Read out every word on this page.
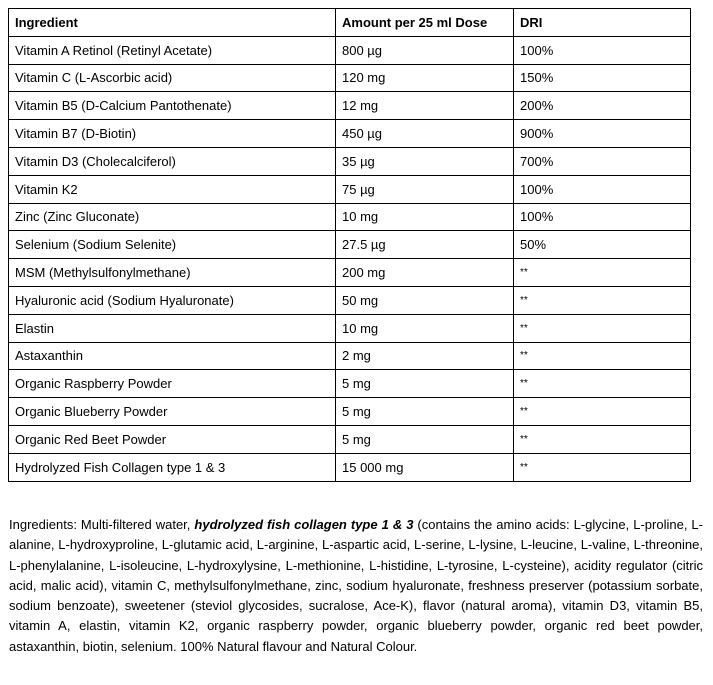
Ingredient	Amount per 25 ml Dose	DRI
Vitamin A Retinol (Retinyl Acetate)	800 µg	100%
Vitamin C (L-Ascorbic acid)	120 mg	150%
Vitamin B5 (D-Calcium Pantothenate)	12 mg	200%
Vitamin B7 (D-Biotin)	450 µg	900%
Vitamin D3 (Cholecalciferol)	35 µg	700%
Vitamin K2	75 µg	100%
Zinc (Zinc Gluconate)	10 mg	100%
Selenium (Sodium Selenite)	27.5 µg	50%
MSM (Methylsulfonylmethane)	200 mg	**
Hyaluronic acid (Sodium Hyaluronate)	50 mg	**
Elastin	10 mg	**
Astaxanthin	2 mg	**
Organic Raspberry Powder	5 mg	**
Organic Blueberry Powder	5 mg	**
Organic Red Beet Powder	5 mg	**
Hydrolyzed Fish Collagen type 1 & 3	15 000 mg	**

Ingredients: Multi-filtered water, hydrolyzed fish collagen type 1 & 3 (contains the amino acids: L-glycine, L-proline, L-alanine, L-hydroxyproline, L-glutamic acid, L-arginine, L-aspartic acid, L-serine, L-lysine, L-leucine, L-valine, L-threonine, L-phenylalanine, L-isoleucine, L-hydroxylysine, L-methionine, L-histidine, L-tyrosine, L-cysteine), acidity regulator (citric acid, malic acid), vitamin C, methylsulfonylmethane, zinc, sodium hyaluronate, freshness preserver (potassium sorbate, sodium benzoate), sweetener (steviol glycosides, sucralose, Ace-K), flavor (natural aroma), vitamin D3, vitamin B5, vitamin A, elastin, vitamin K2, organic raspberry powder, organic blueberry powder, organic red beet powder, astaxanthin, biotin, selenium. 100% Natural flavour and Natural Colour.
